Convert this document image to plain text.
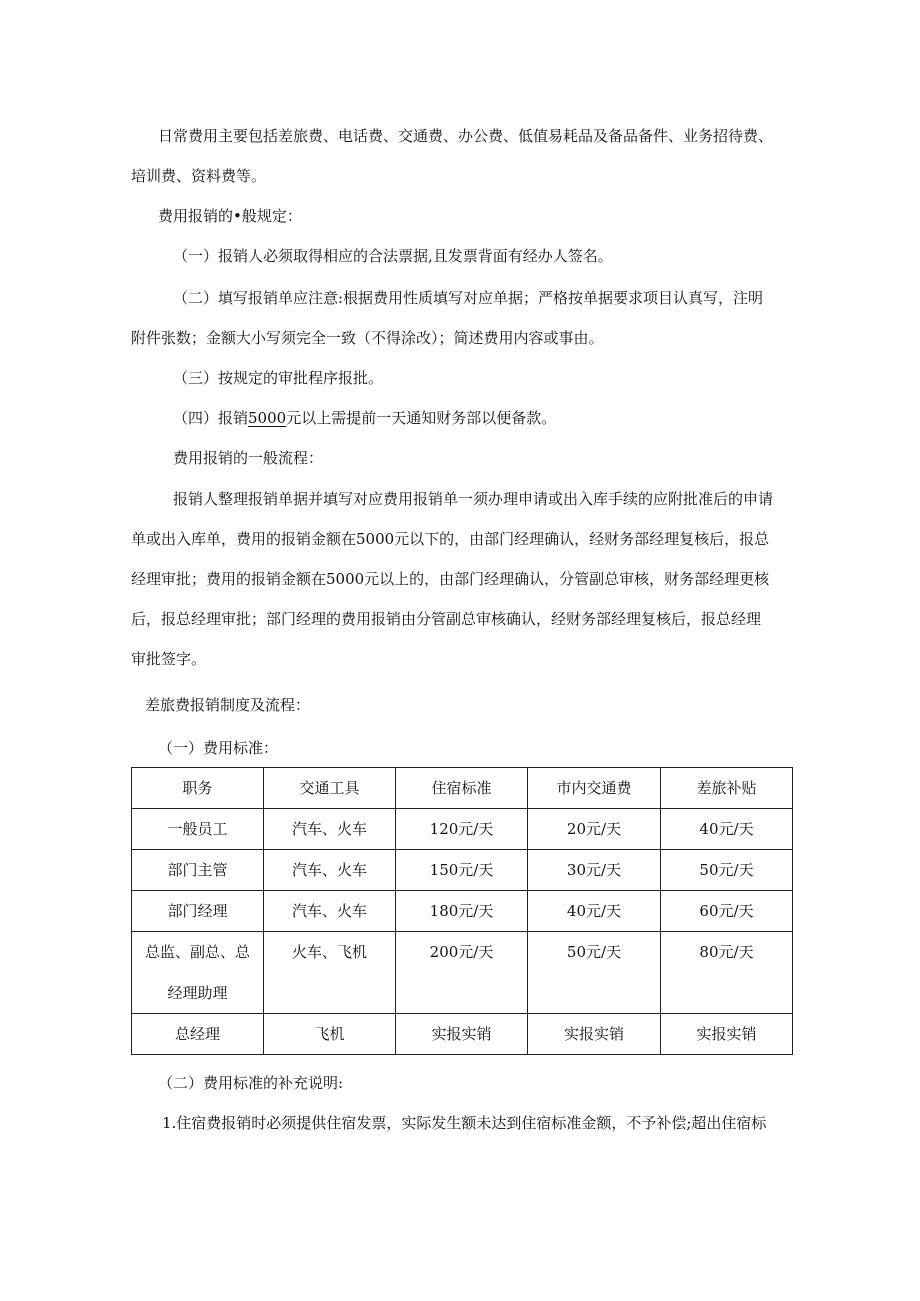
日常费用主要包括差旅费、电话费、交通费、办公费、低值易耗品及备品备件、业务招待费、
培训费、资料费等。
费用报销的•般规定：
（一）报销人必须取得相应的合法票据,且发票背面有经办人签名。
（二）填写报销单应注意:根据费用性质填写对应单据；严格按单据要求项目认真写，注明
附件张数；金额大小写须完全一致（不得涂改）；简述费用内容或事由。
（三）按规定的审批程序报批。
（四）报销5000元以上需提前一天通知财务部以便备款。
费用报销的一般流程：
报销人整理报销单据并填写对应费用报销单一须办理申请或出入库手续的应附批准后的申请
单或出入库单，费用的报销金额在5000元以下的，由部门经理确认，经财务部经理复核后，报总
经理审批；费用的报销金额在5000元以上的，由部门经理确认，分管副总审核，财务部经理更核
后，报总经理审批；部门经理的费用报销由分管副总审核确认，经财务部经理复核后，报总经理
审批签字。
差旅费报销制度及流程：
（一）费用标准：
职务	交通工具	住宿标准	市内交通费	差旅补贴
一般员工	汽车、火车	120元/天	20元/天	40元/天
部门主管	汽车、火车	150元/天	30元/天	50元/天
部门经理	汽车、火车	180元/天	40元/天	60元/天
总监、副总、总
经理助理	火车、飞机	200元/天	50元/天	80元/天
总经理	飞机	实报实销	实报实销	实报实销
（二）费用标准的补充说明:
1.住宿费报销时必须提供住宿发票，实际发生额未达到住宿标准金额，不予补偿;超出住宿标
